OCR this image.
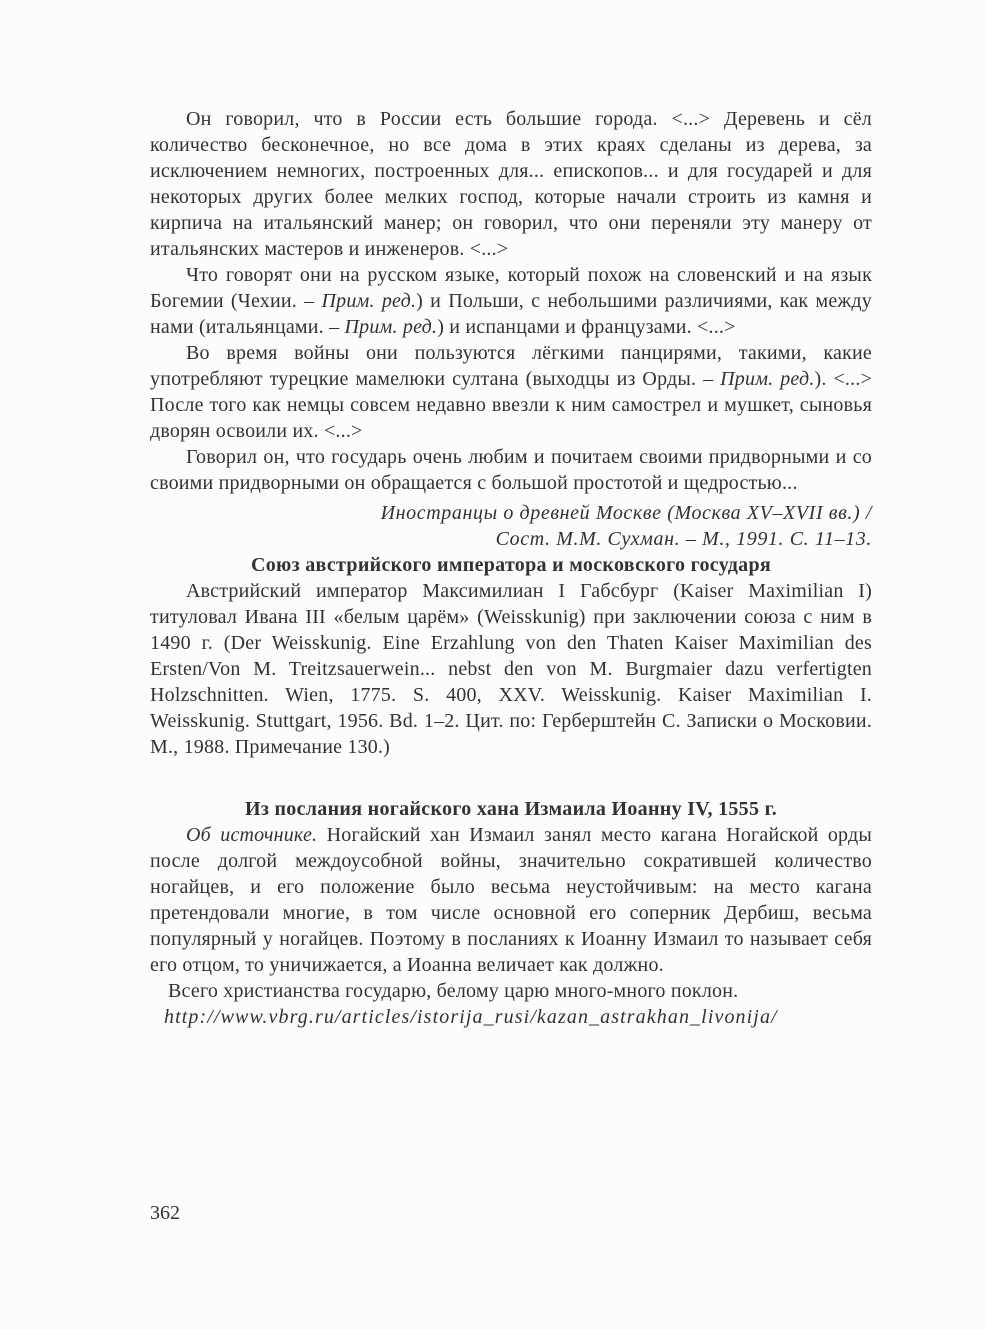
Он говорил, что в России есть большие города. <...> Деревень и сёл количество бесконечное, но все дома в этих краях сделаны из дерева, за исключением немногих, построенных для... епископов... и для государей и для некоторых других более мелких господ, которые начали строить из камня и кирпича на итальянский манер; он говорил, что они переняли эту манеру от итальянских мастеров и инженеров. <...>

Что говорят они на русском языке, который похож на словенский и на язык Богемии (Чехии. – Прим. ред.) и Польши, с небольшими различиями, как между нами (итальянцами. – Прим. ред.) и испанцами и французами. <...>

Во время войны они пользуются лёгкими панцирями, такими, какие употребляют турецкие мамелюки султана (выходцы из Орды. – Прим. ред.). <...> После того как немцы совсем недавно ввезли к ним самострел и мушкет, сыновья дворян освоили их. <...>

Говорил он, что государь очень любим и почитаем своими придворными и со своими придворными он обращается с большой простотой и щедростью...

Иностранцы о древней Москве (Москва XV–XVII вв.) /
Сост. М.М. Сухман. – М., 1991. С. 11–13.

Союз австрийского императора и московского государя

Австрийский император Максимилиан I Габсбург (Kaiser Maximilian I) титуловал Ивана III «белым царём» (Weisskunig) при заключении союза с ним в 1490 г. (Der Weisskunig. Eine Erzahlung von den Thaten Kaiser Maximilian des Ersten/Von M. Treitzsauerwein... nebst den von M. Burgmaier dazu verfertigten Holzschnitten. Wien, 1775. S. 400, XXV. Weisskunig. Kaiser Maximilian I. Weisskunig. Stuttgart, 1956. Bd. 1–2. Цит. по: Герберштейн С. Записки о Московии. М., 1988. Примечание 130.)

Из послания ногайского хана Измаила Иоанну IV, 1555 г.

Об источнике. Ногайский хан Измаил занял место кагана Ногайской орды после долгой междоусобной войны, значительно сократившей количество ногайцев, и его положение было весьма неустойчивым: на место кагана претендовали многие, в том числе основной его соперник Дербиш, весьма популярный у ногайцев. Поэтому в посланиях к Иоанну Измаил то называет себя его отцом, то уничижается, а Иоанна величает как должно.

Всего христианства государю, белому царю много-много поклон.

http://www.vbrg.ru/articles/istorija_rusi/kazan_astrakhan_livonija/

362
